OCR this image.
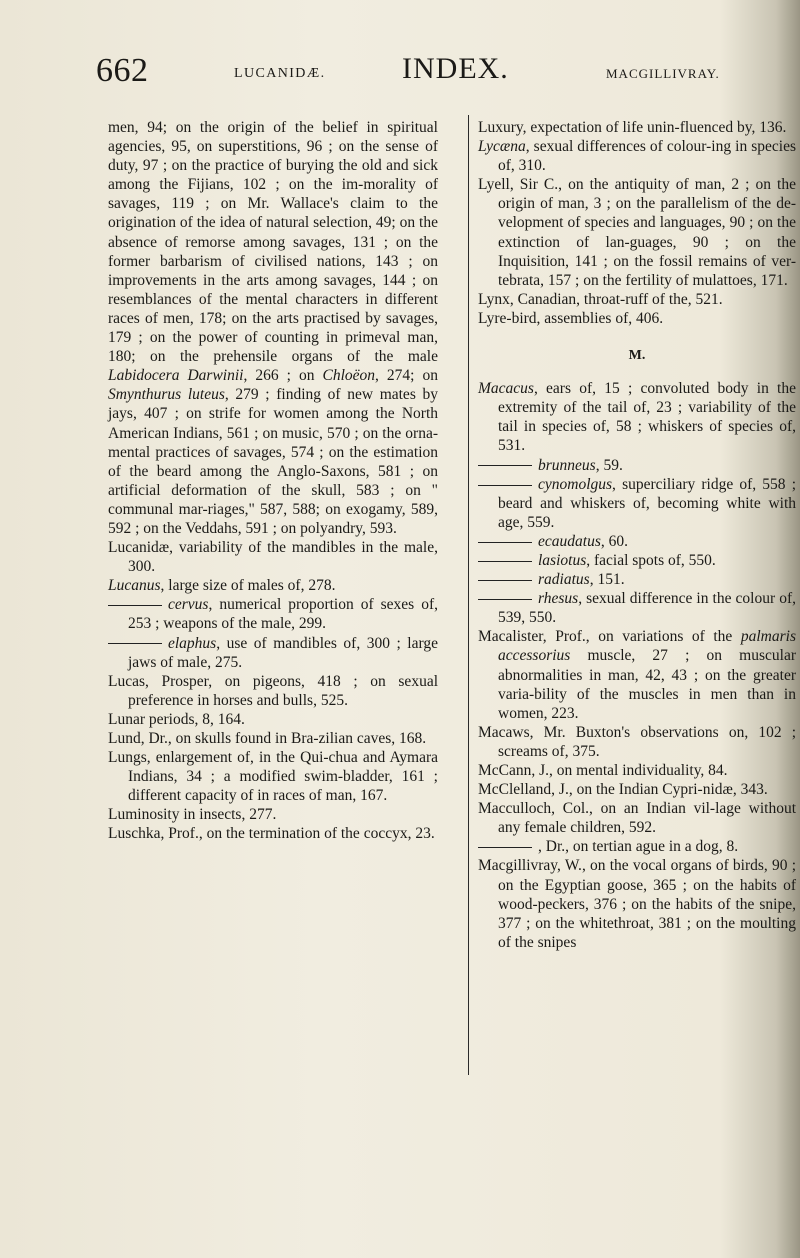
662	LUCANIDÆ.	INDEX.	MACGILLIVRAY.

men, 94; on the origin of the belief in spiritual agencies, 95, on superstitions, 96 ; on the sense of duty, 97 ; on the practice of burying the old and sick among the Fijians, 102 ; on the im-morality of savages, 119 ; on Mr. Wallace's claim to the origination of the idea of natural selection, 49; on the absence of remorse among savages, 131 ; on the former barbarism of civilised nations, 143 ; on improvements in the arts among savages, 144 ; on resemblances of the mental characters in different races of men, 178; on the arts practised by savages, 179 ; on the power of counting in primeval man, 180; on the prehensile organs of the male Labidocera Darwinii, 266 ; on Chloëon, 274; on Smynthurus luteus, 279 ; finding of new mates by jays, 407 ; on strife for women among the North American Indians, 561 ; on music, 570 ; on the orna-mental practices of savages, 574 ; on the estimation of the beard among the Anglo-Saxons, 581 ; on artificial deformation of the skull, 583 ; on " communal mar-riages," 587, 588; on exogamy, 589, 592 ; on the Veddahs, 591 ; on polyandry, 593.

Lucanidæ, variability of the mandibles in the male, 300.

Lucanus, large size of males of, 278.

cervus, numerical proportion of sexes of, 253 ; weapons of the male, 299.

elaphus, use of mandibles of, 300 ; large jaws of male, 275.

Lucas, Prosper, on pigeons, 418 ; on sexual preference in horses and bulls, 525.

Lunar periods, 8, 164.

Lund, Dr., on skulls found in Bra-zilian caves, 168.

Lungs, enlargement of, in the Qui-chua and Aymara Indians, 34 ; a modified swim-bladder, 161 ; different capacity of in races of man, 167.

Luminosity in insects, 277.

Luschka, Prof., on the termination of the coccyx, 23.

Luxury, expectation of life unin-fluenced by, 136.

Lycæna, sexual differences of colour-ing in species of, 310.

Lyell, Sir C., on the antiquity of man, 2 ; on the origin of man, 3 ; on the parallelism of the de-velopment of species and languages, 90 ; on the extinction of lan-guages, 90 ; on the Inquisition, 141 ; on the fossil remains of ver-tebrata, 157 ; on the fertility of mulattoes, 171.

Lynx, Canadian, throat-ruff of the, 521.

Lyre-bird, assemblies of, 406.

M.

Macacus, ears of, 15 ; convoluted body in the extremity of the tail of, 23 ; variability of the tail in species of, 58 ; whiskers of species of, 531.

brunneus, 59.

cynomolgus, superciliary ridge of, 558 ; beard and whiskers of, becoming white with age, 559.

ecaudatus, 60.

lasiotus, facial spots of, 550.

radiatus, 151.

rhesus, sexual difference in the colour of, 539, 550.

Macalister, Prof., on variations of the palmaris accessorius muscle, 27 ; on muscular abnormalities in man, 42, 43 ; on the greater varia-bility of the muscles in men than in women, 223.

Macaws, Mr. Buxton's observations on, 102 ; screams of, 375.

McCann, J., on mental individuality, 84.

McClelland, J., on the Indian Cypri-nidæ, 343.

Macculloch, Col., on an Indian vil-lage without any female children, 592.

, Dr., on tertian ague in a dog, 8.

Macgillivray, W., on the vocal organs of birds, 90 ; on the Egyptian goose, 365 ; on the habits of wood-peckers, 376 ; on the habits of the snipe, 377 ; on the whitethroat, 381 ; on the moulting of the snipes
